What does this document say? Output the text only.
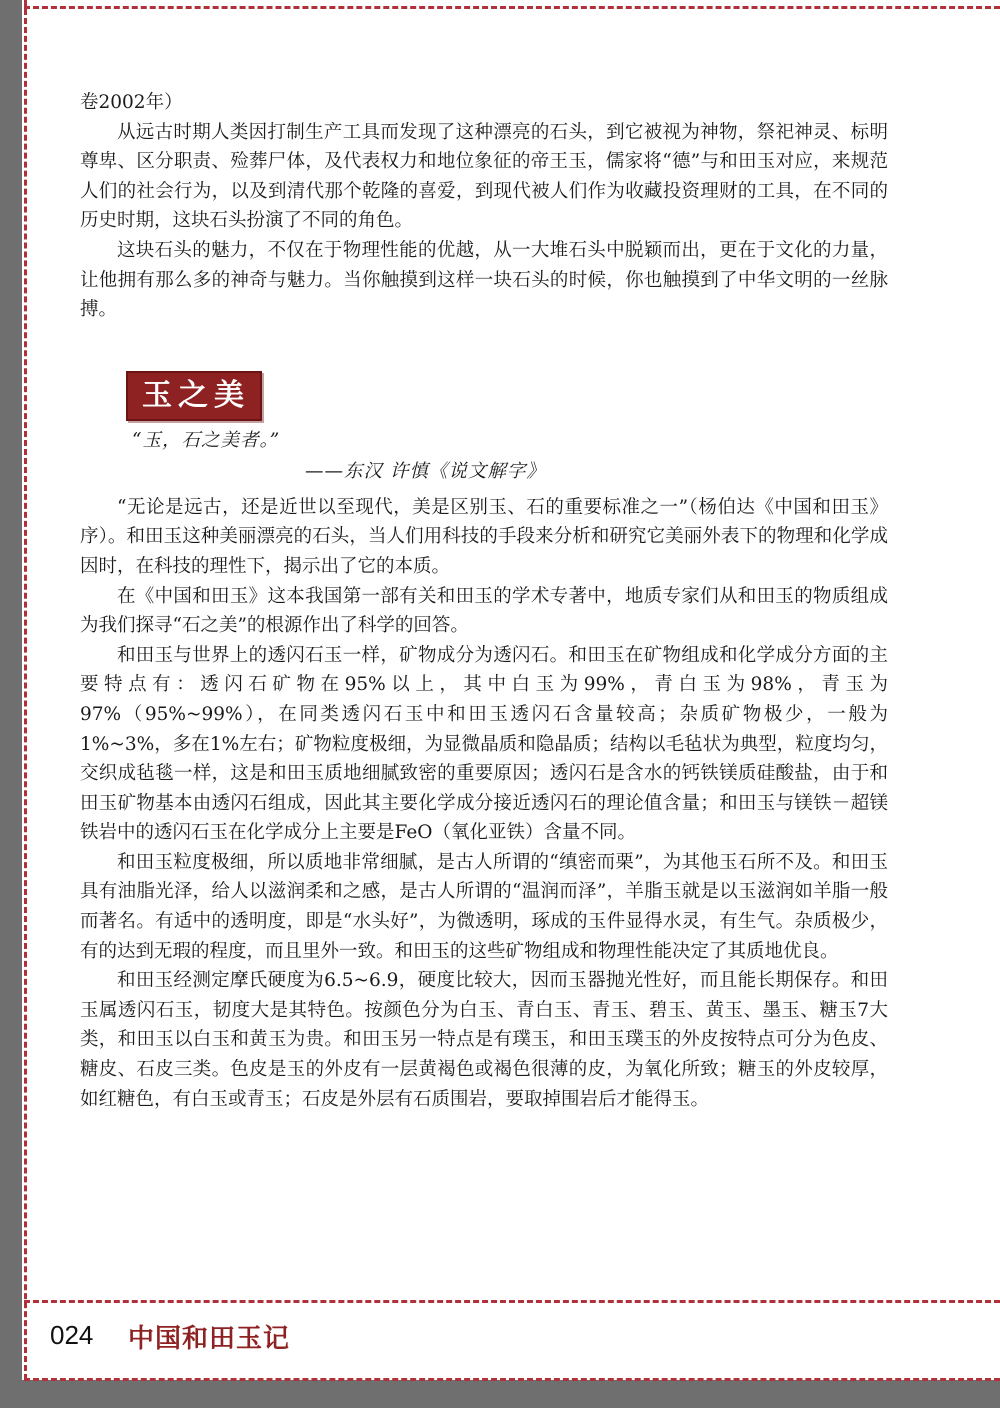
卷2002年）

从远古时期人类因打制生产工具而发现了这种漂亮的石头，到它被视为神物，祭祀神灵、标明尊卑、区分职责、殓葬尸体，及代表权力和地位象征的帝王玉，儒家将“德”与和田玉对应，来规范人们的社会行为，以及到清代那个乾隆的喜爱，到现代被人们作为收藏投资理财的工具，在不同的历史时期，这块石头扮演了不同的角色。

这块石头的魅力，不仅在于物理性能的优越，从一大堆石头中脱颖而出，更在于文化的力量，让他拥有那么多的神奇与魅力。当你触摸到这样一块石头的时候，你也触摸到了中华文明的一丝脉搏。

玉之美
“玉，石之美者。”
——东汉 许慎《说文解字》

“无论是远古，还是近世以至现代，美是区别玉、石的重要标准之一”（杨伯达《中国和田玉》序）。和田玉这种美丽漂亮的石头，当人们用科技的手段来分析和研究它美丽外表下的物理和化学成因时，在科技的理性下，揭示出了它的本质。

在《中国和田玉》这本我国第一部有关和田玉的学术专著中，地质专家们从和田玉的物质组成为我们探寻“石之美”的根源作出了科学的回答。

和田玉与世界上的透闪石玉一样，矿物成分为透闪石。和田玉在矿物组成和化学成分方面的主要特点有：透闪石矿物在95%以上，其中白玉为99%，青白玉为98%，青玉为97%（95%~99%），在同类透闪石玉中和田玉透闪石含量较高；杂质矿物极少，一般为1%~3%，多在1%左右；矿物粒度极细，为显微晶质和隐晶质；结构以毛毡状为典型，粒度均匀，交织成毡毯一样，这是和田玉质地细腻致密的重要原因；透闪石是含水的钙铁镁质硅酸盐，由于和田玉矿物基本由透闪石组成，因此其主要化学成分接近透闪石的理论值含量；和田玉与镁铁－超镁铁岩中的透闪石玉在化学成分上主要是FeO（氧化亚铁）含量不同。

和田玉粒度极细，所以质地非常细腻，是古人所谓的“缜密而栗”，为其他玉石所不及。和田玉具有油脂光泽，给人以滋润柔和之感，是古人所谓的“温润而泽”，羊脂玉就是以玉滋润如羊脂一般而著名。有适中的透明度，即是“水头好”，为微透明，琢成的玉件显得水灵，有生气。杂质极少，有的达到无瑕的程度，而且里外一致。和田玉的这些矿物组成和物理性能决定了其质地优良。

和田玉经测定摩氏硬度为6.5~6.9，硬度比较大，因而玉器抛光性好，而且能长期保存。和田玉属透闪石玉，韧度大是其特色。按颜色分为白玉、青白玉、青玉、碧玉、黄玉、墨玉、糖玉7大类，和田玉以白玉和黄玉为贵。和田玉另一特点是有璞玉，和田玉璞玉的外皮按特点可分为色皮、糖皮、石皮三类。色皮是玉的外皮有一层黄褐色或褐色很薄的皮，为氧化所致；糖玉的外皮较厚，如红糖色，有白玉或青玉；石皮是外层有石质围岩，要取掉围岩后才能得玉。

024 中国和田玉记
